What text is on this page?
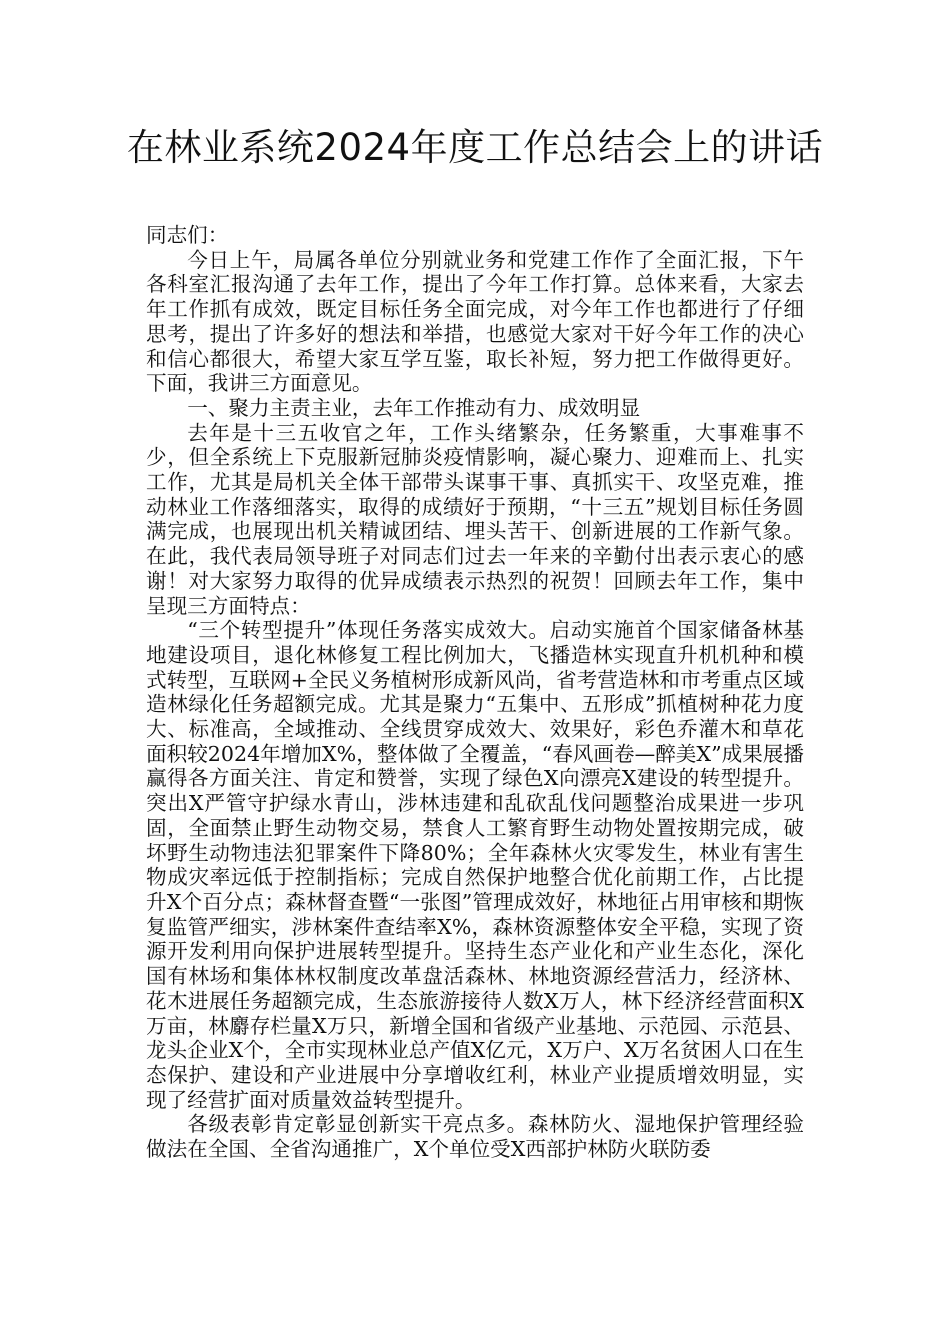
在林业系统2024年度工作总结会上的讲话

同志们：

今日上午，局属各单位分别就业务和党建工作作了全面汇报，下午各科室汇报沟通了去年工作，提出了今年工作打算。总体来看，大家去年工作抓有成效，既定目标任务全面完成，对今年工作也都进行了仔细思考，提出了许多好的想法和举措，也感觉大家对干好今年工作的决心和信心都很大，希望大家互学互鉴，取长补短，努力把工作做得更好。下面，我讲三方面意见。

一、聚力主责主业，去年工作推动有力、成效明显

去年是十三五收官之年，工作头绪繁杂，任务繁重，大事难事不少，但全系统上下克服新冠肺炎疫情影响，凝心聚力、迎难而上、扎实工作，尤其是局机关全体干部带头谋事干事、真抓实干、攻坚克难，推动林业工作落细落实，取得的成绩好于预期，“十三五”规划目标任务圆满完成，也展现出机关精诚团结、埋头苦干、创新进展的工作新气象。在此，我代表局领导班子对同志们过去一年来的辛勤付出表示衷心的感谢！对大家努力取得的优异成绩表示热烈的祝贺！回顾去年工作，集中呈现三方面特点：

“三个转型提升”体现任务落实成效大。启动实施首个国家储备林基地建设项目，退化林修复工程比例加大，飞播造林实现直升机机种和模式转型，互联网+全民义务植树形成新风尚，省考营造林和市考重点区域造林绿化任务超额完成。尤其是聚力“五集中、五形成”抓植树种花力度大、标准高，全域推动、全线贯穿成效大、效果好，彩色乔灌木和草花面积较2024年增加X%，整体做了全覆盖，“春风画卷—醉美X”成果展播赢得各方面关注、肯定和赞誉，实现了绿色X向漂亮X建设的转型提升。突出X严管守护绿水青山，涉林违建和乱砍乱伐问题整治成果进一步巩固，全面禁止野生动物交易，禁食人工繁育野生动物处置按期完成，破坏野生动物违法犯罪案件下降80%；全年森林火灾零发生，林业有害生物成灾率远低于控制指标；完成自然保护地整合优化前期工作，占比提升X个百分点；森林督查暨“一张图”管理成效好，林地征占用审核和期恢复监管严细实，涉林案件查结率X%，森林资源整体安全平稳，实现了资源开发利用向保护进展转型提升。坚持生态产业化和产业生态化，深化国有林场和集体林权制度改革盘活森林、林地资源经营活力，经济林、花木进展任务超额完成，生态旅游接待人数X万人，林下经济经营面积X万亩，林麝存栏量X万只，新增全国和省级产业基地、示范园、示范县、龙头企业X个，全市实现林业总产值X亿元，X万户、X万名贫困人口在生态保护、建设和产业进展中分享增收红利，林业产业提质增效明显，实现了经营扩面对质量效益转型提升。

各级表彰肯定彰显创新实干亮点多。森林防火、湿地保护管理经验做法在全国、全省沟通推广，X个单位受X西部护林防火联防委
